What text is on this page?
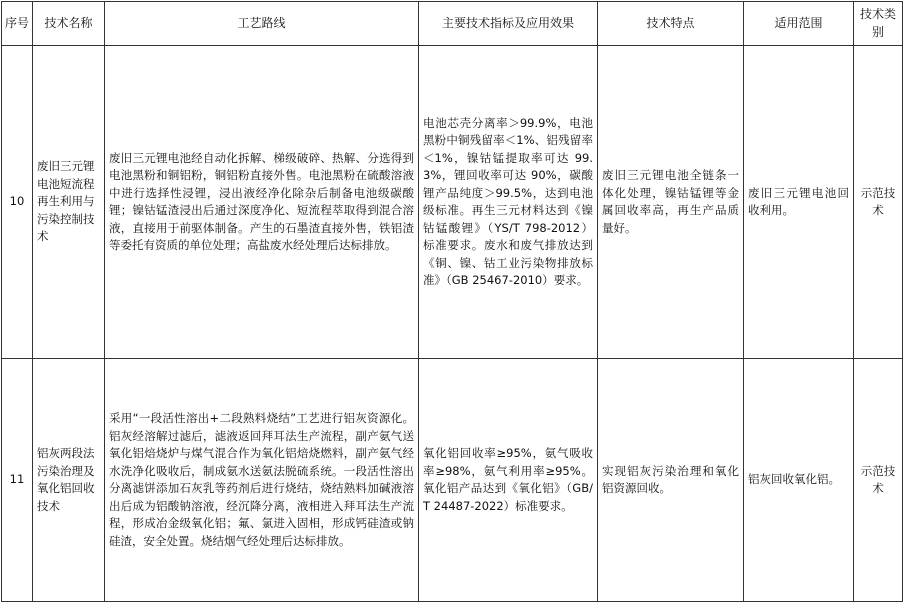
序号	技术名称	工艺路线	主要技术指标及应用效果	技术特点	适用范围	技术类别
10	废旧三元锂电池短流程再生利用与污染控制技术	废旧三元锂电池经自动化拆解、梯级破碎、热解、分选得到电池黑粉和铜铝粉，铜铝粉直接外售。电池黑粉在硫酸溶液中进行选择性浸锂，浸出液经净化除杂后制备电池级碳酸锂；镍钴锰渣浸出后通过深度净化、短流程萃取得到混合溶液，直接用于前驱体制备。产生的石墨渣直接外售，铁铝渣等委托有资质的单位处理；高盐废水经处理后达标排放。	电池芯壳分离率＞99.9%，电池黑粉中铜残留率＜1%、铝残留率＜1%，镍钴锰提取率可达 99.3%，锂回收率可达 90%，碳酸锂产品纯度＞99.5%，达到电池级标准。再生三元材料达到《镍钴锰酸锂》（YS/T 798-2012）标准要求。废水和废气排放达到《铜、镍、钴工业污染物排放标准》（GB 25467-2010）要求。	废旧三元锂电池全链条一体化处理，镍钴锰锂等金属回收率高，再生产品质量好。	废旧三元锂电池回收利用。	示范技术
11	铝灰两段法污染治理及氧化铝回收技术	采用“一段活性溶出+二段熟料烧结”工艺进行铝灰资源化。铝灰经溶解过滤后，滤液返回拜耳法生产流程，副产氨气送氧化铝焙烧炉与煤气混合作为氧化铝焙烧燃料，副产氨气经水洗净化吸收后，制成氨水送氨法脱硫系统。一段活性溶出分离滤饼添加石灰乳等药剂后进行烧结，烧结熟料加碱液溶出后成为铝酸钠溶液，经沉降分离，液相进入拜耳法生产流程，形成冶金级氧化铝；氟、氯进入固相，形成钙硅渣或钠硅渣，安全处置。烧结烟气经处理后达标排放。	氧化铝回收率≥95%，氨气吸收率≥98%，氨气利用率≥95%。氧化铝产品达到《氧化铝》（GB/T 24487-2022）标准要求。	实现铝灰污染治理和氧化铝资源回收。	铝灰回收氧化铝。	示范技术
